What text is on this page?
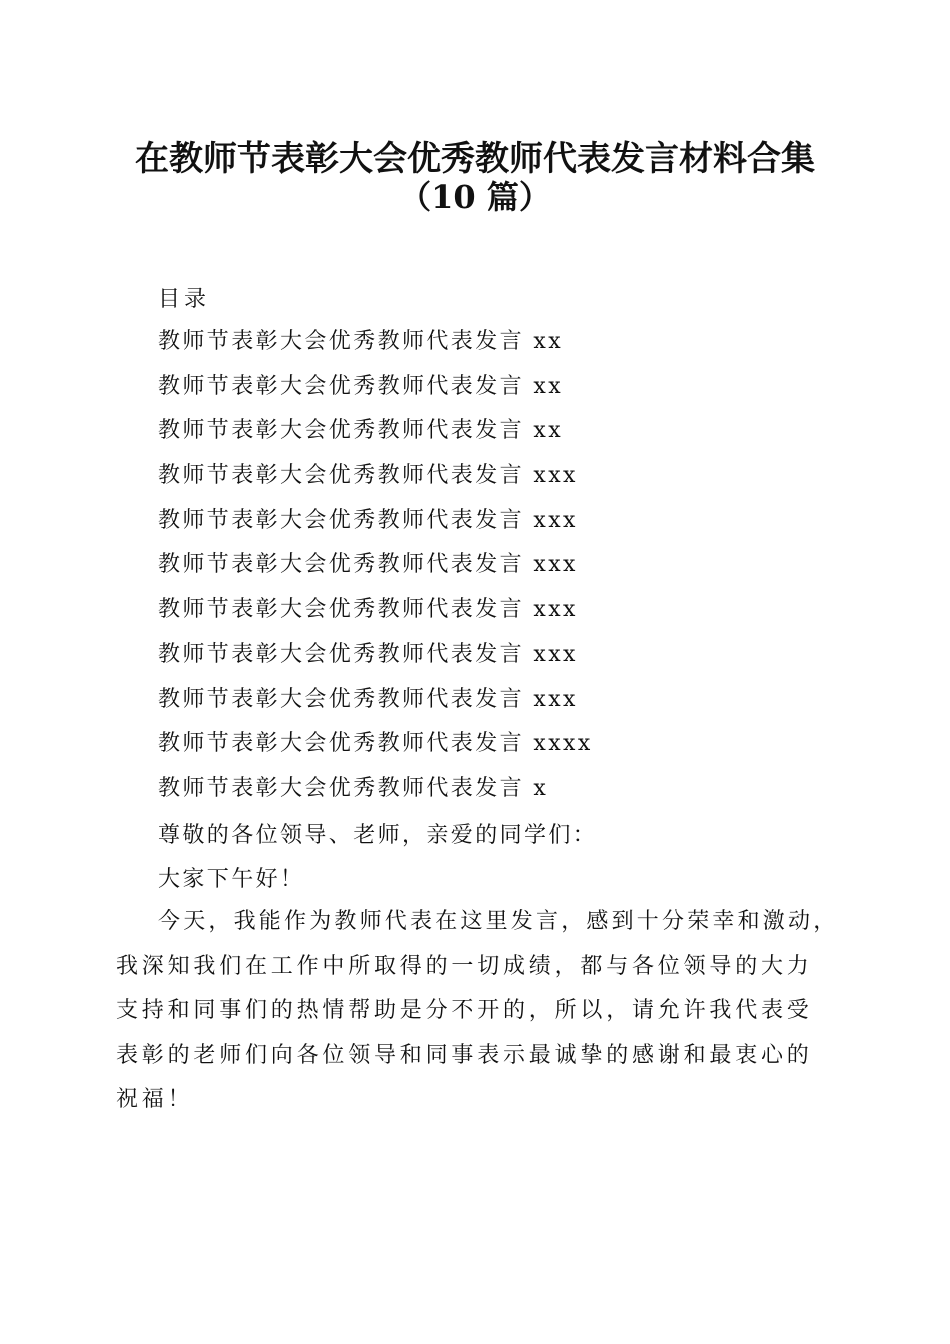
在教师节表彰大会优秀教师代表发言材料合集
（10 篇）
目录
教师节表彰大会优秀教师代表发言 xx
教师节表彰大会优秀教师代表发言 xx
教师节表彰大会优秀教师代表发言 xx
教师节表彰大会优秀教师代表发言 xxx
教师节表彰大会优秀教师代表发言 xxx
教师节表彰大会优秀教师代表发言 xxx
教师节表彰大会优秀教师代表发言 xxx
教师节表彰大会优秀教师代表发言 xxx
教师节表彰大会优秀教师代表发言 xxx
教师节表彰大会优秀教师代表发言 xxxx
教师节表彰大会优秀教师代表发言 x
尊敬的各位领导、老师，亲爱的同学们：
大家下午好！
今天，我能作为教师代表在这里发言，感到十分荣幸和激动，
我深知我们在工作中所取得的一切成绩，都与各位领导的大力
支持和同事们的热情帮助是分不开的，所以，请允许我代表受
表彰的老师们向各位领导和同事表示最诚挚的感谢和最衷心的
祝福！
